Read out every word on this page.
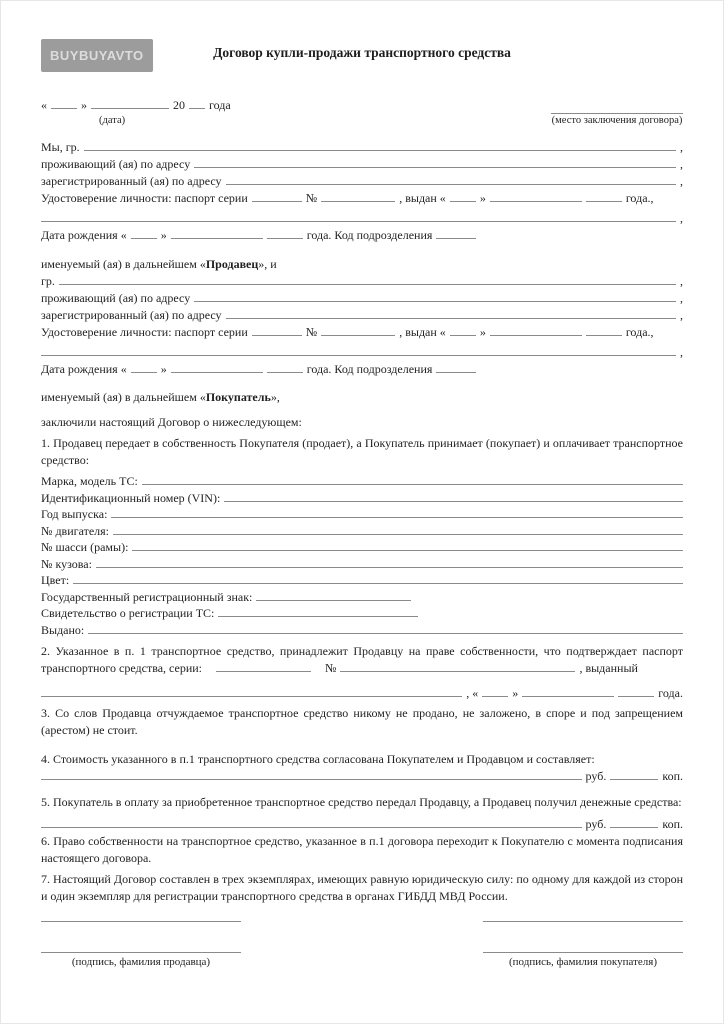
BUYBUYAVTO	Договор купли-продажи транспортного средства
«	»	20 года
(дата)	(место заключения договора)
Мы, гр.	,
проживающий (ая) по адресу	,
зарегистрированный (ая) по адресу	,
Удостоверение личности: паспорт серии	№	, выдан «	»	года.,
,
Дата рождения «	»	года. Код подрозделения
именуемый (ая) в дальнейшем «Продавец», и
гр.	,
проживающий (ая) по адресу	,
зарегистрированный (ая) по адресу	,
Удостоверение личности: паспорт серии	№	, выдан «	»	года.,
,
Дата рождения «	»	года. Код подрозделения
именуемый (ая) в дальнейшем «Покупатель»,
заключили настоящий Договор о нижеследующем:
1. Продавец передает в собственность Покупателя (продает), а Покупатель принимает (покупает) и оплачивает транспортное средство:
Марка, модель ТС:
Идентификационный номер (VIN):
Год выпуска:
№ двигателя:
№ шасси (рамы):
№ кузова:
Цвет:
Государственный регистрационный знак:
Свидетельство о регистрации ТС:
Выдано:
2. Указанное в п. 1 транспортное средство, принадлежит Продавцу на праве собственности, что подтверждает паспорт
транспортного средства, серии:	№	, выданный
, «	»	года.
3. Со слов Продавца отчуждаемое транспортное средство никому не продано, не заложено, в споре и под запрещением (арестом) не стоит.
4. Стоимость указанного в п.1 транспортного средства согласована Покупателем и Продавцом и составляет:
руб.	коп.
5. Покупатель в оплату за приобретенное транспортное средство передал Продавцу, а Продавец получил денежные средства:
руб.	коп.
6. Право собственности на транспортное средство, указанное в п.1 договора переходит к Покупателю с момента подписания настоящего договора.
7. Настоящий Договор составлен в трех экземплярах, имеющих равную юридическую силу: по одному для каждой из сторон и один экземпляр для регистрации транспортного средства в органах ГИБДД МВД России.
(подпись, фамилия продавца)	(подпись, фамилия покупателя)
